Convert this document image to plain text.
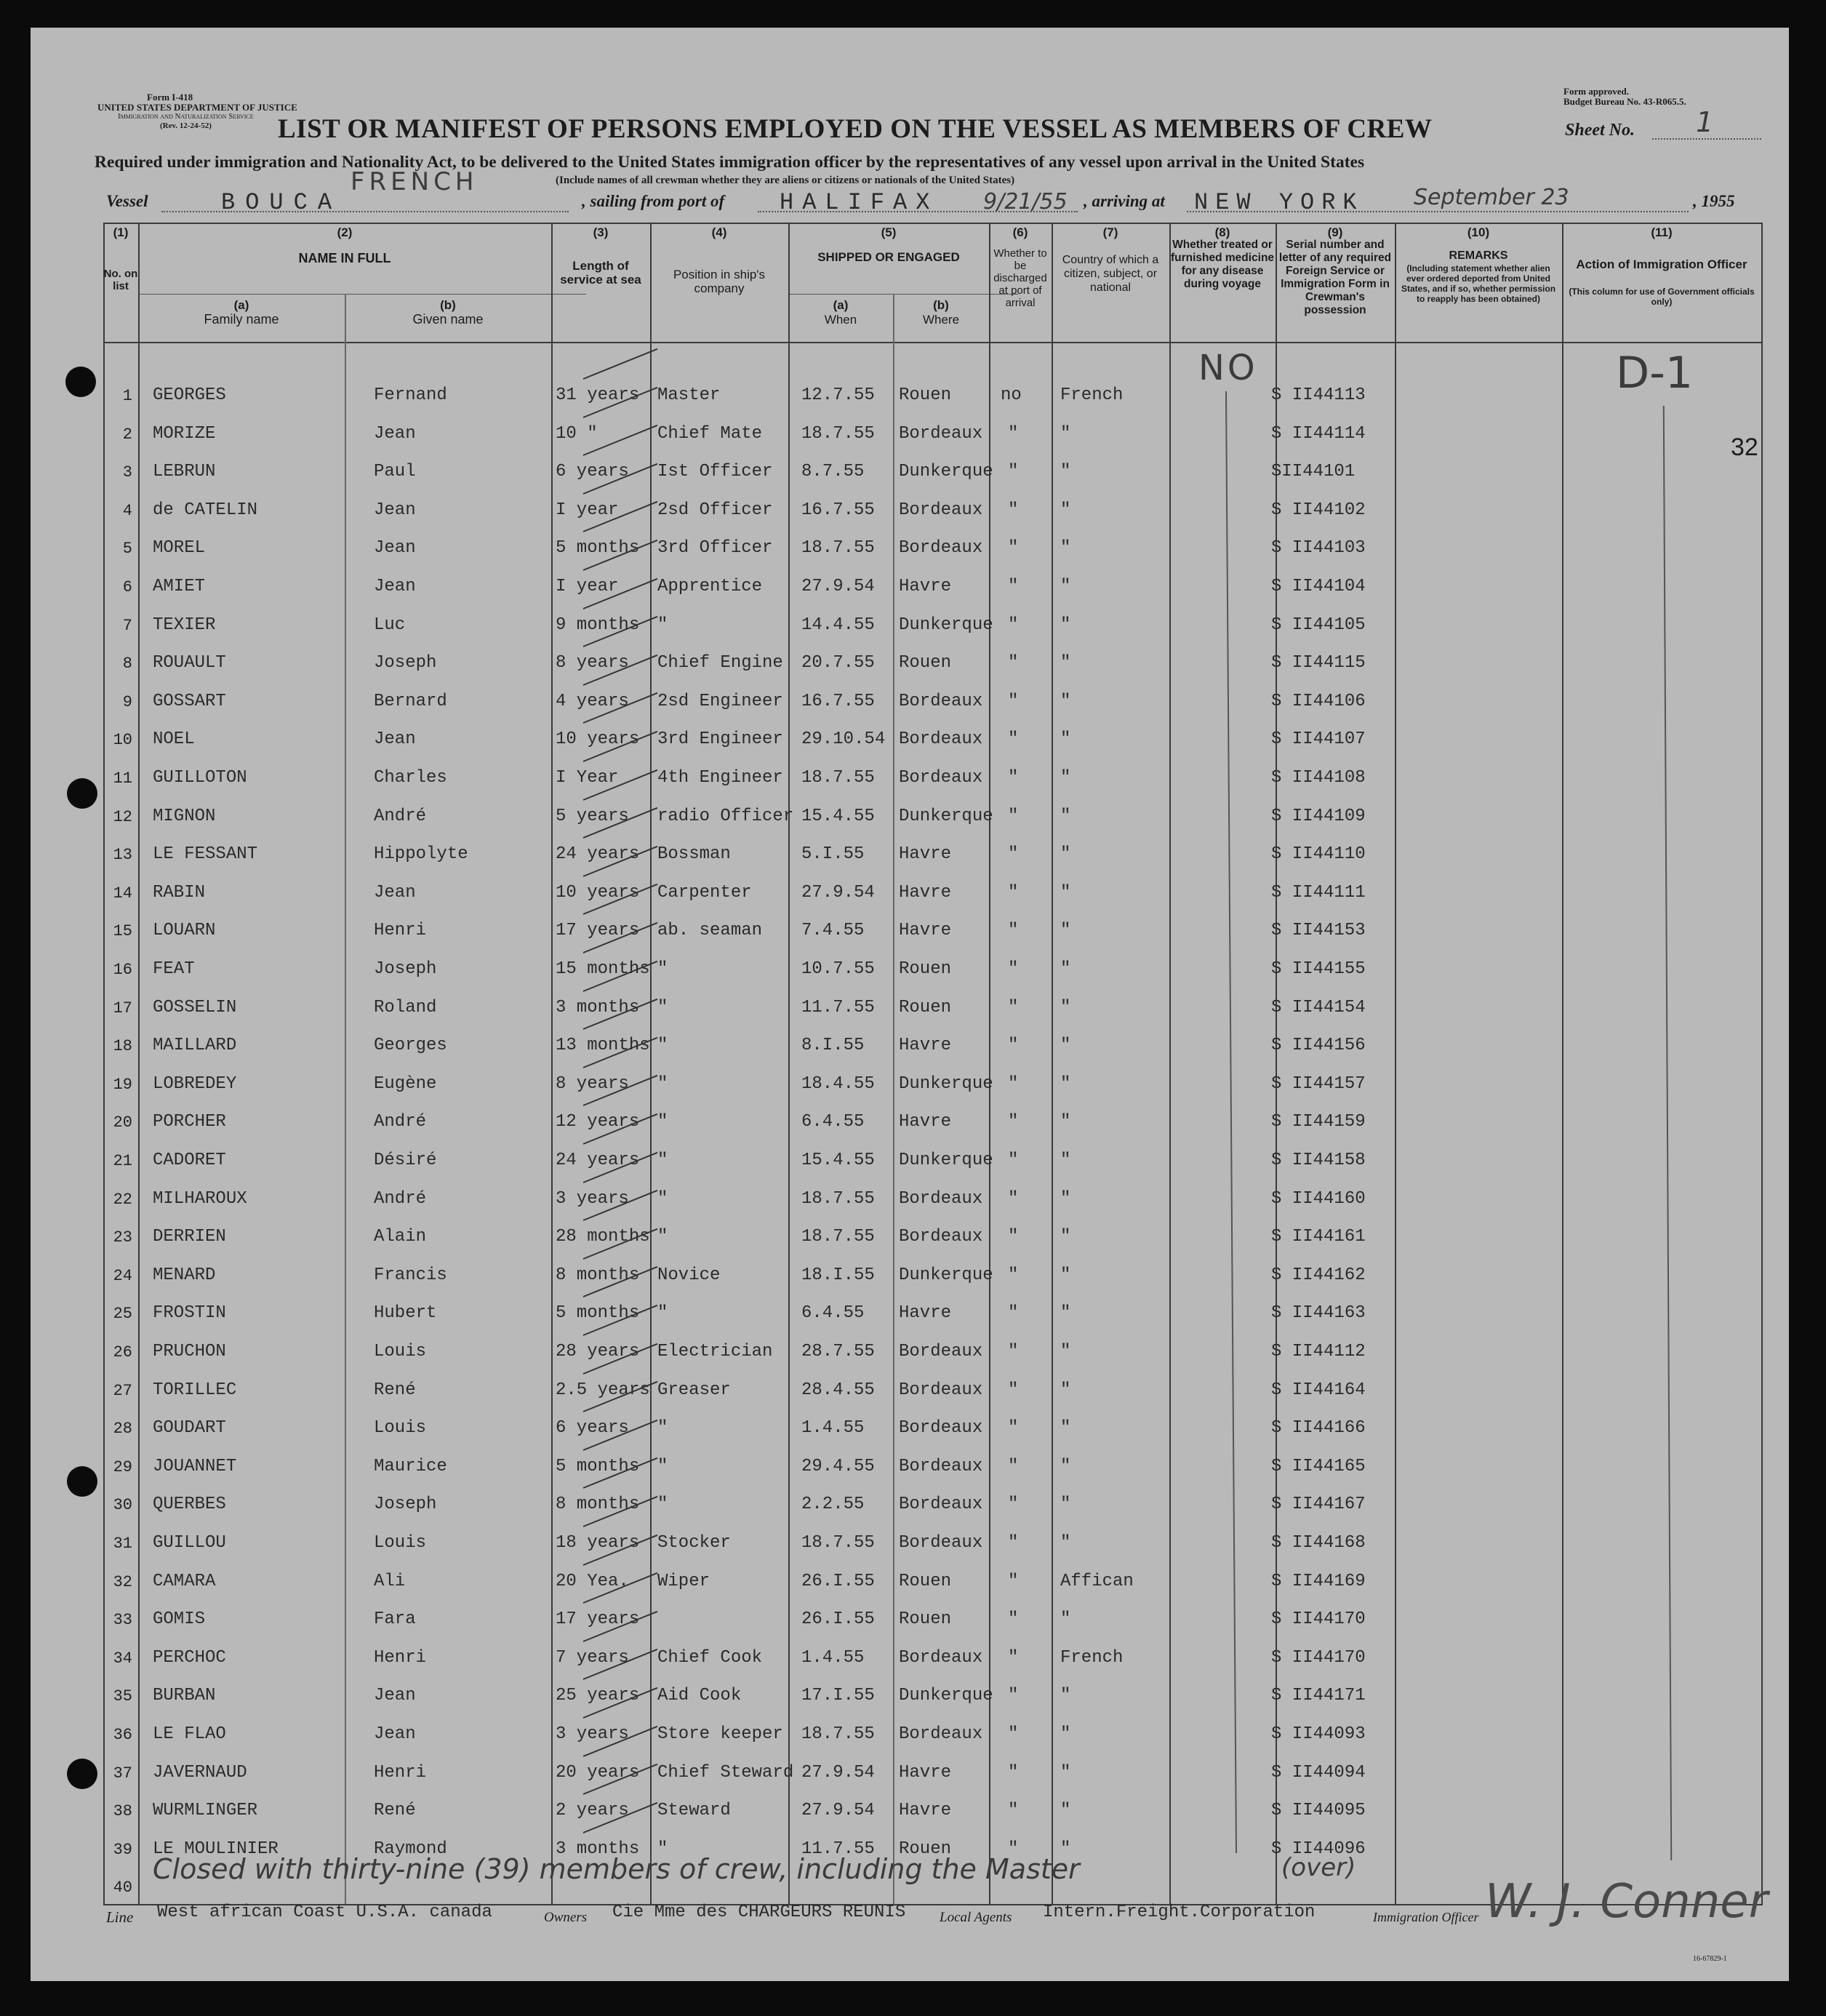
Form I-418
UNITED STATES DEPARTMENT OF JUSTICE
Immigration and Naturalization Service
(Rev. 12-24-52)
Form approved.
Budget Bureau No. 43-R065.5.
LIST OR MANIFEST OF PERSONS EMPLOYED ON THE VESSEL AS MEMBERS OF CREW	Sheet No. 1
Required under immigration and Nationality Act, to be delivered to the United States immigration officer by the representatives of any vessel upon arrival in the United States
(Include names of all crewman whether they are aliens or citizens or nationals of the United States)
Vessel	BOUCA
FRENCH
, sailing from port of HALIFAX 9/21/55 , arriving at NEW YORK September 23	, 1955
(1)
No. on list
(2)
NAME IN FULL
(a)
Family name
(b)
Given name
(3)
Length of service at sea
(4)
Position in ship's company
(5)
SHIPPED OR ENGAGED
(a)
When
(b)
Where
(6)
Whether to be discharged at port of arrival
(7)
Country of which a citizen, subject, or national
(8)
Whether treated or furnished medicine for any disease during voyage
(9)
Serial number and letter of any required Foreign Service or Immigration Form in Crewman's possession
(10)
REMARKS
(Including statement whether alien ever ordered deported from United States, and if so, whether permission to reapply has been obtained)
(11)
Action of Immigration Officer
(This column for use of Government officials only)
1 GEORGES	Fernand	31 years Master	12.7.55 Rouen	no French	S II44113
2 MORIZE	Jean	10 "	Chief Mate 18.7.55 Bordeaux " "	S II44114
3 LEBRUN	Paul	6 years Ist Officer 8.7.55 Dunkerque " "	SII44101
4 de CATELIN	Jean	I year 2sd Officer 16.7.55 Bordeaux " "	S II44102
5 MOREL	Jean	5 months 3rd Officer 18.7.55 Bordeaux " "	S II44103
6 AMIET	Jean	I year Apprentice 27.9.54 Havre	" "	S II44104
7 TEXIER	Luc	9 months "	14.4.55 Dunkerque " "	S II44105
8 ROUAULT	Joseph	8 years Chief Engine 20.7.55 Rouen	" "	S II44115
9 GOSSART	Bernard	4 years 2sd Engineer 16.7.55 Bordeaux " "	S II44106
10 NOEL	Jean	10 years 3rd Engineer 29.10.54 Bordeaux " "	S II44107
11 GUILLOTON	Charles	I Year 4th Engineer 18.7.55 Bordeaux " "	S II44108
12 MIGNON	André	5 years radio Officer 15.4.55 Dunkerque " "	S II44109
13 LE FESSANT	Hippolyte	24 years Bossman	5.I.55 Havre	" "	S II44110
14 RABIN	Jean	10 years Carpenter	27.9.54 Havre	" "	S II44111
15 LOUARN	Henri	17 years ab. seaman 7.4.55 Havre	" "	S II44153
16 FEAT	Joseph	15 months "	10.7.55 Rouen	" "	S II44155
17 GOSSELIN	Roland	3 months "	11.7.55 Rouen	" "	S II44154
18 MAILLARD	Georges	13 months "	8.I.55 Havre	" "	S II44156
19 LOBREDEY	Eugène	8 years "	18.4.55 Dunkerque " "	S II44157
20 PORCHER	André	12 years "	6.4.55 Havre	" "	S II44159
21 CADORET	Désiré	24 years "	15.4.55 Dunkerque " "	S II44158
22 MILHAROUX	André	3 years "	18.7.55 Bordeaux " "	S II44160
23 DERRIEN	Alain	28 months "	18.7.55 Bordeaux " "	S II44161
24 MENARD	Francis	8 months Novice	18.I.55 Dunkerque " "	S II44162
25 FROSTIN	Hubert	5 months "	6.4.55 Havre	" "	S II44163
26 PRUCHON	Louis	28 years Electrician 28.7.55 Bordeaux " "	S II44112
27 TORILLEC	René	2.5 years Greaser	28.4.55 Bordeaux " "	S II44164
28 GOUDART	Louis	6 years "	1.4.55 Bordeaux " "	S II44166
29 JOUANNET	Maurice	5 months "	29.4.55 Bordeaux " "	S II44165
30 QUERBES	Joseph	8 months "	2.2.55 Bordeaux " "	S II44167
31 GUILLOU	Louis	18 years Stocker	18.7.55 Bordeaux " "	S II44168
32 CAMARA	Ali	20 Yea. Wiper	26.I.55 Rouen	" Affican	S II44169
33 GOMIS	Fara	17 years	26.I.55 Rouen	" "	S II44170
34 PERCHOC	Henri	7 years Chief Cook 1.4.55 Bordeaux " French	S II44170
35 BURBAN	Jean	25 years Aid Cook	17.I.55 Dunkerque " "	S II44171
36 LE FLAO	Jean	3 years Store keeper 18.7.55 Bordeaux " "	S II44093
37 JAVERNAUD	Henri	20 years Chief Steward 27.9.54 Havre	" "	S II44094
38 WURMLINGER	René	2 years Steward	27.9.54 Havre	" "	S II44095
39 LE MOULINIER	Raymond	3 months "	11.7.55 Rouen	" "	S II44096
40
NO	D-1
32
Closed with thirty-nine (39) members of crew, including the Master	(over)
Line West african Coast U.S.A. canada	Owners Cie Mme des CHARGEURS REUNIS Local Agents Intern.Freight.Corporation	Immigration Officer W. J. Conner
16-67829-1
